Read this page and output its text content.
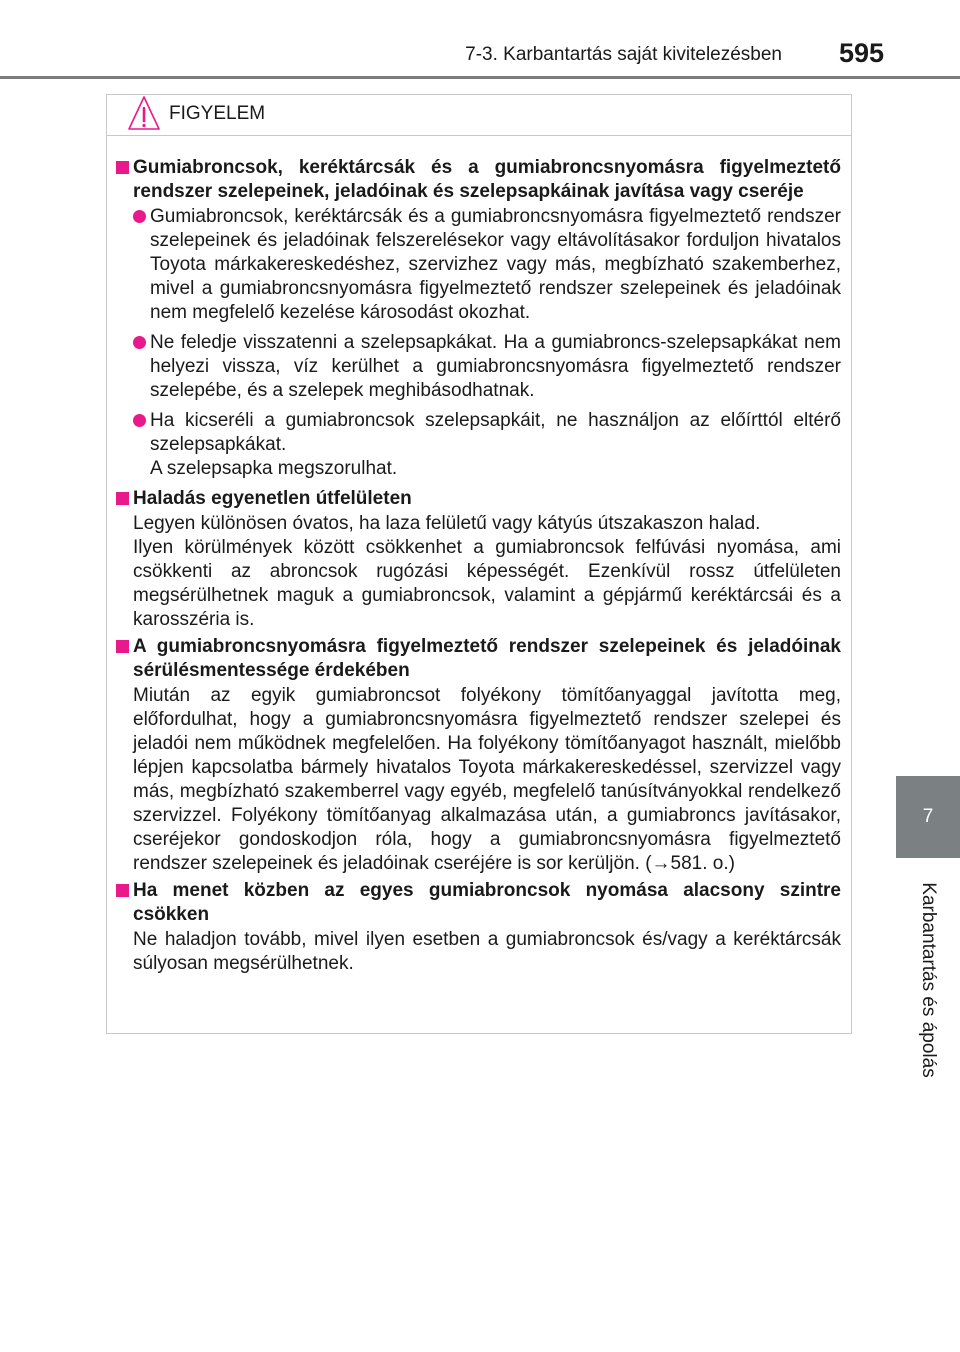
7-3. Karbantartás saját kivitelezésben 595
7
Karbantartás és ápolás
FIGYELEM

Gumiabroncsok, keréktárcsák és a gumiabroncsnyomásra figyelmeztető rendszer szelepeinek, jeladóinak és szelepsapkáinak javítása vagy cseréje

Gumiabroncsok, keréktárcsák és a gumiabroncsnyomásra figyelmeztető rendszer szelepeinek és jeladóinak felszerelésekor vagy eltávolításakor forduljon hivatalos Toyota márkakereskedéshez, szervizhez vagy más, megbízható szakemberhez, mivel a gumiabroncsnyomásra figyelmeztető rendszer szelepeinek és jeladóinak nem megfelelő kezelése károsodást okozhat.

Ne feledje visszatenni a szelepsapkákat. Ha a gumiabroncs-szelepsapkákat nem helyezi vissza, víz kerülhet a gumiabroncsnyomásra figyelmeztető rendszer szelepébe, és a szelepek meghibásodhatnak.

Ha kicseréli a gumiabroncsok szelepsapkáit, ne használjon az előírttól eltérő szelepsapkákat.

A szelepsapka megszorulhat.

Haladás egyenetlen útfelületen

Legyen különösen óvatos, ha laza felületű vagy kátyús útszakaszon halad.

Ilyen körülmények között csökkenhet a gumiabroncsok felfúvási nyomása, ami csökkenti az abroncsok rugózási képességét. Ezenkívül rossz útfelületen megsérülhetnek maguk a gumiabroncsok, valamint a gépjármű keréktárcsái és a karosszéria is.

A gumiabroncsnyomásra figyelmeztető rendszer szelepeinek és jeladóinak sérülésmentessége érdekében

Miután az egyik gumiabroncsot folyékony tömítőanyaggal javította meg, előfordulhat, hogy a gumiabroncsnyomásra figyelmeztető rendszer szelepei és jeladói nem működnek megfelelően. Ha folyékony tömítőanyagot használt, mielőbb lépjen kapcsolatba bármely hivatalos Toyota márkakereskedéssel, szervizzel vagy más, megbízható szakemberrel vagy egyéb, megfelelő tanúsítványokkal rendelkező szervizzel. Folyékony tömítőanyag alkalmazása után, a gumiabroncs javításakor, cseréjekor gondoskodjon róla, hogy a gumiabroncsnyomásra figyelmeztető rendszer szelepeinek és jeladóinak cseréjére is sor kerüljön. (→581. o.)

Ha menet közben az egyes gumiabroncsok nyomása alacsony szintre csökken

Ne haladjon tovább, mivel ilyen esetben a gumiabroncsok és/vagy a keréktárcsák súlyosan megsérülhetnek.
